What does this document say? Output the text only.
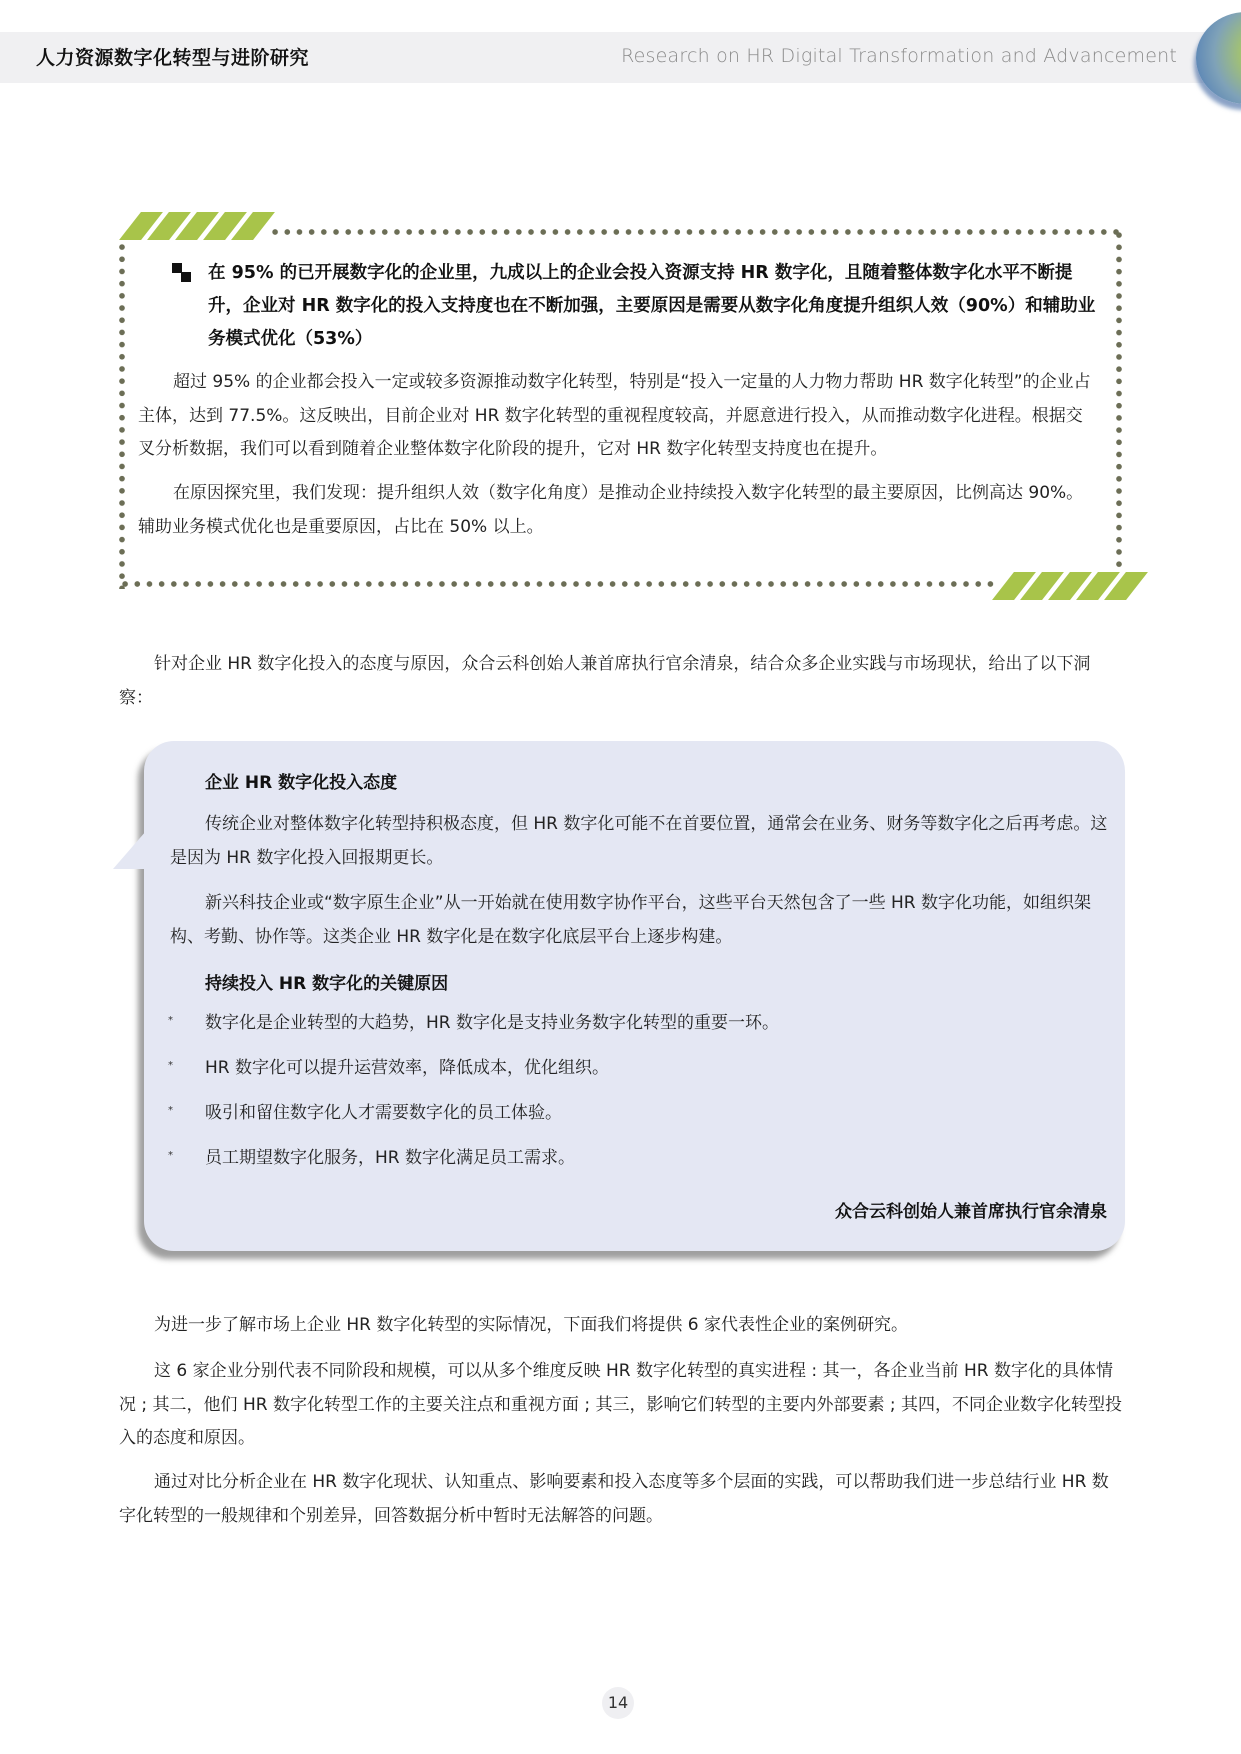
人力资源数字化转型与进阶研究	Research on HR Digital Transformation and Advancement
在 95% 的已开展数字化的企业里，九成以上的企业会投入资源支持 HR 数字化，且随着整体数字化水平不断提升，企业对 HR 数字化的投入支持度也在不断加强，主要原因是需要从数字化角度提升组织人效（90%）和辅助业务模式优化（53%）

超过 95% 的企业都会投入一定或较多资源推动数字化转型，特别是“投入一定量的人力物力帮助 HR 数字化转型”的企业占主体，达到 77.5%。这反映出，目前企业对 HR 数字化转型的重视程度较高，并愿意进行投入，从而推动数字化进程。根据交叉分析数据，我们可以看到随着企业整体数字化阶段的提升，它对 HR 数字化转型支持度也在提升。

在原因探究里，我们发现：提升组织人效（数字化角度）是推动企业持续投入数字化转型的最主要原因，比例高达 90%。辅助业务模式优化也是重要原因，占比在 50% 以上。

针对企业 HR 数字化投入的态度与原因，众合云科创始人兼首席执行官余清泉，结合众多企业实践与市场现状，给出了以下洞察：

企业 HR 数字化投入态度

传统企业对整体数字化转型持积极态度，但 HR 数字化可能不在首要位置，通常会在业务、财务等数字化之后再考虑。这是因为 HR 数字化投入回报期更长。

新兴科技企业或“数字原生企业”从一开始就在使用数字协作平台，这些平台天然包含了一些 HR 数字化功能，如组织架构、考勤、协作等。这类企业 HR 数字化是在数字化底层平台上逐步构建。

持续投入 HR 数字化的关键原因
* 数字化是企业转型的大趋势，HR 数字化是支持业务数字化转型的重要一环。
* HR 数字化可以提升运营效率，降低成本，优化组织。
* 吸引和留住数字化人才需要数字化的员工体验。
* 员工期望数字化服务，HR 数字化满足员工需求。
众合云科创始人兼首席执行官余清泉

为进一步了解市场上企业 HR 数字化转型的实际情况，下面我们将提供 6 家代表性企业的案例研究。

这 6 家企业分别代表不同阶段和规模，可以从多个维度反映 HR 数字化转型的真实进程 : 其一，各企业当前 HR 数字化的具体情况 ; 其二，他们 HR 数字化转型工作的主要关注点和重视方面 ; 其三，影响它们转型的主要内外部要素 ; 其四，不同企业数字化转型投入的态度和原因。

通过对比分析企业在 HR 数字化现状、认知重点、影响要素和投入态度等多个层面的实践，可以帮助我们进一步总结行业 HR 数字化转型的一般规律和个别差异，回答数据分析中暂时无法解答的问题。

14
